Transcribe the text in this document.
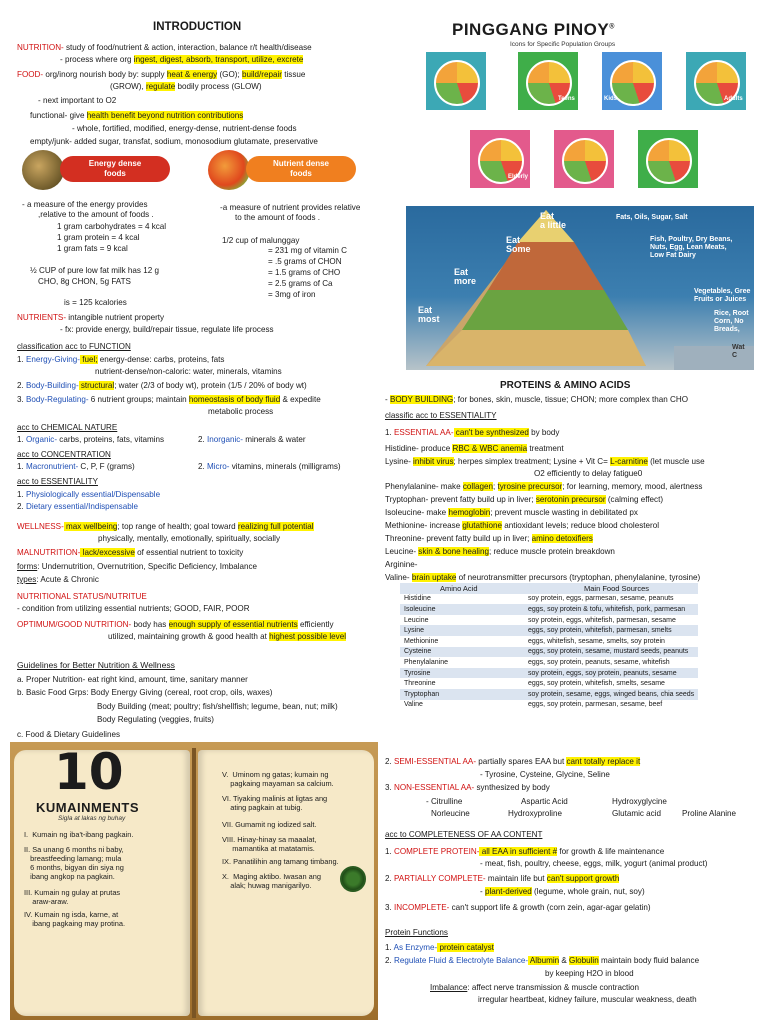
INTRODUCTION
NUTRITION- study of food/nutrient & action, interaction, balance r/t health/disease
- process where org ingest, digest, absorb, transport, utilize, excrete
FOOD- org/inorg nourish body by: supply heat & energy (GO); build/repair tissue
(GROW), regulate bodily process (GLOW)
- next important to O2
functional- give health benefit beyond nutrition contributions
- whole, fortified, modified, energy-dense, nutrient-dense foods
empty/junk- added sugar, transfat, sodium, monosodium glutamate, preservative
Energy dense
foods
Nutrient dense
foods
- a measure of the energy provides
,relative to the amount of foods .
1 gram carbohydrates = 4 kcal
1 gram protein = 4 kcal
1 gram fats = 9 kcal
½ CUP of pure low fat milk has 12 g
CHO, 8g CHON, 5g FATS
is = 125 kcalories
-a measure of nutrient provides relative
to the amount of foods .
1/2 cup of malunggay
= 231 mg of vitamin C
= .5 grams of CHON
= 1.5 grams of CHO
= 2.5 grams of Ca
= 3mg of iron
NUTRIENTS- intangible nutrient property
- fx: provide energy, build/repair tissue, regulate life process
classification acc to FUNCTION
1. Energy-Giving- fuel; energy-dense: carbs, proteins, fats
nutrient-dense/non-caloric: water, minerals, vitamins
2. Body-Building- structural; water (2/3 of body wt), protein (1/5 / 20% of body wt)
3. Body-Regulating- 6 nutrient groups; maintain homeostasis of body fluid & expedite
metabolic process
acc to CHEMICAL NATURE
1. Organic- carbs, proteins, fats, vitamins	2. Inorganic- minerals & water
acc to CONCENTRATION
1. Macronutrient- C, P, F (grams)	2. Micro- vitamins, minerals (milligrams)
acc to ESSENTIALITY
1. Physiologically essential/Dispensable
2. Dietary essential/Indispensable
WELLNESS- max wellbeing; top range of health; goal toward realizing full potential
physically, mentally, emotionally, spiritually, socially
MALNUTRITION- lack/excessive of essential nutrient to toxicity
forms: Undernutrition, Overnutrition, Specific Deficiency, Imbalance
types: Acute & Chronic
NUTRITIONAL STATUS/NUTRITUE
- condition from utilizing essential nutrients; GOOD, FAIR, POOR
OPTIMUM/GOOD NUTRITION- body has enough supply of essential nutrients efficiently
utilized, maintaining growth & good health at highest possible level
Guidelines for Better Nutrition & Wellness
a. Proper Nutrition- eat right kind, amount, time, sanitary manner
b. Basic Food Grps: Body Energy Giving (cereal, root crop, oils, waxes)
Body Building (meat; poultry; fish/shellfish; legume, bean, nut; milk)
Body Regulating (veggies, fruits)
c. Food & Dietary Guidelines
10
KUMAINMENTS
Sigla at lakas ng buhay
I.  Kumain ng iba't-ibang pagkain.
II. Sa unang 6 months ni baby,
breastfeeding lamang; mula
6 months, bigyan din siya ng
ibang angkop na pagkain.
III. Kumain ng gulay at prutas
araw-araw.
IV. Kumain ng isda, karne, at
ibang pagkaing may protina.
V.  Uminom ng gatas; kumain ng
pagkaing mayaman sa calcium.
VI. Tiyaking malinis at ligtas ang
ating pagkain at tubig.
VII. Gumamit ng iodized salt.
VIII. Hinay-hinay sa maaalat,
mamantika at matatamis.
IX. Panatilihin ang tamang timbang.
X.  Maging aktibo. Iwasan ang
alak; huwag manigarilyo.
PINGGANG PINOY®
Icons for Specific Population Groups
Teens	Kids	Adults
Elderly
Eat
a little
Eat
Some
Eat
more
Eat
most
Fats, Oils, Sugar, Salt
Fish, Poultry, Dry Beans,
Nuts, Egg, Lean Meats,
Low Fat Dairy
Vegetables, Gree
Fruits or Juices
Rice, Root
Corn, No
Breads,
Wat
C
PROTEINS & AMINO ACIDS
- BODY BUILDING; for bones, skin, muscle, tissue; CHON; more complex than CHO
classific acc to ESSENTIALITY
1. ESSENTIAL AA- can't be synthesized by body
Histidine- produce RBC & WBC anemia treatment
Lysine- inhibit virus; herpes simplex treatment; Lysine + Vit C= L-carnitine (let muscle use
O2 efficiently to delay fatigue0
Phenylalanine- make collagen; tyrosine precursor; for learning, memory, mood, alertness
Tryptophan- prevent fatty build up in liver; serotonin precursor (calming effect)
Isoleucine- make hemoglobin; prevent muscle wasting in debilitated px
Methionine- increase glutathione antioxidant levels; reduce blood cholesterol
Threonine- prevent fatty build up in liver; amino detoxifiers
Leucine- skin & bone healing; reduce muscle protein breakdown
Arginine-
Valine- brain uptake of neurotransmitter precursors (tryptophan, phenylalanine, tyrosine)
Amino Acid	Main Food Sources
Histidine	soy protein, eggs, parmesan, sesame, peanuts
Isoleucine	eggs, soy protein & tofu, whitefish, pork, parmesan
Leucine	soy protein, eggs, whitefish, parmesan, sesame
Lysine	eggs, soy protein, whitefish, parmesan, smelts
Methionine	eggs, whitefish, sesame, smelts, soy protein
Cysteine	eggs, soy protein, sesame, mustard seeds, peanuts
Phenylalanine	eggs, soy protein, peanuts, sesame, whitefish
Tyrosine	soy protein, eggs, soy protein, peanuts, sesame
Threonine	eggs, soy protein, whitefish, smelts, sesame
Tryptophan	soy protein, sesame, eggs, winged beans, chia seeds
Valine	eggs, soy protein, parmesan, sesame, beef
2. SEMI-ESSENTIAL AA- partially spares EAA but cant totally replace it
- Tyrosine, Cysteine, Glycine, Seline
3. NON-ESSENTIAL AA- synthesized by body
- Citrulline	Aspartic Acid	Hydroxyglycine
Norleucine	Hydroxyproline	Glutamic acid	Proline Alanine
acc to COMPLETENESS OF AA CONTENT
1. COMPLETE PROTEIN- all EAA in sufficient # for growth & life maintenance
- meat, fish, poultry, cheese, eggs, milk, yogurt (animal product)
2. PARTIALLY COMPLETE- maintain life but can't support growth
- plant-derived (legume, whole grain, nut, soy)
3. INCOMPLETE- can't support life & growth (corn zein, agar-agar gelatin)
Protein Functions
1. As Enzyme- protein catalyst
2. Regulate Fluid & Electrolyte Balance- Albumin & Globulin maintain body fluid balance
by keeping H2O in blood
Imbalance: affect nerve transmission & muscle contraction
irregular heartbeat, kidney failure, muscular weakness, death
